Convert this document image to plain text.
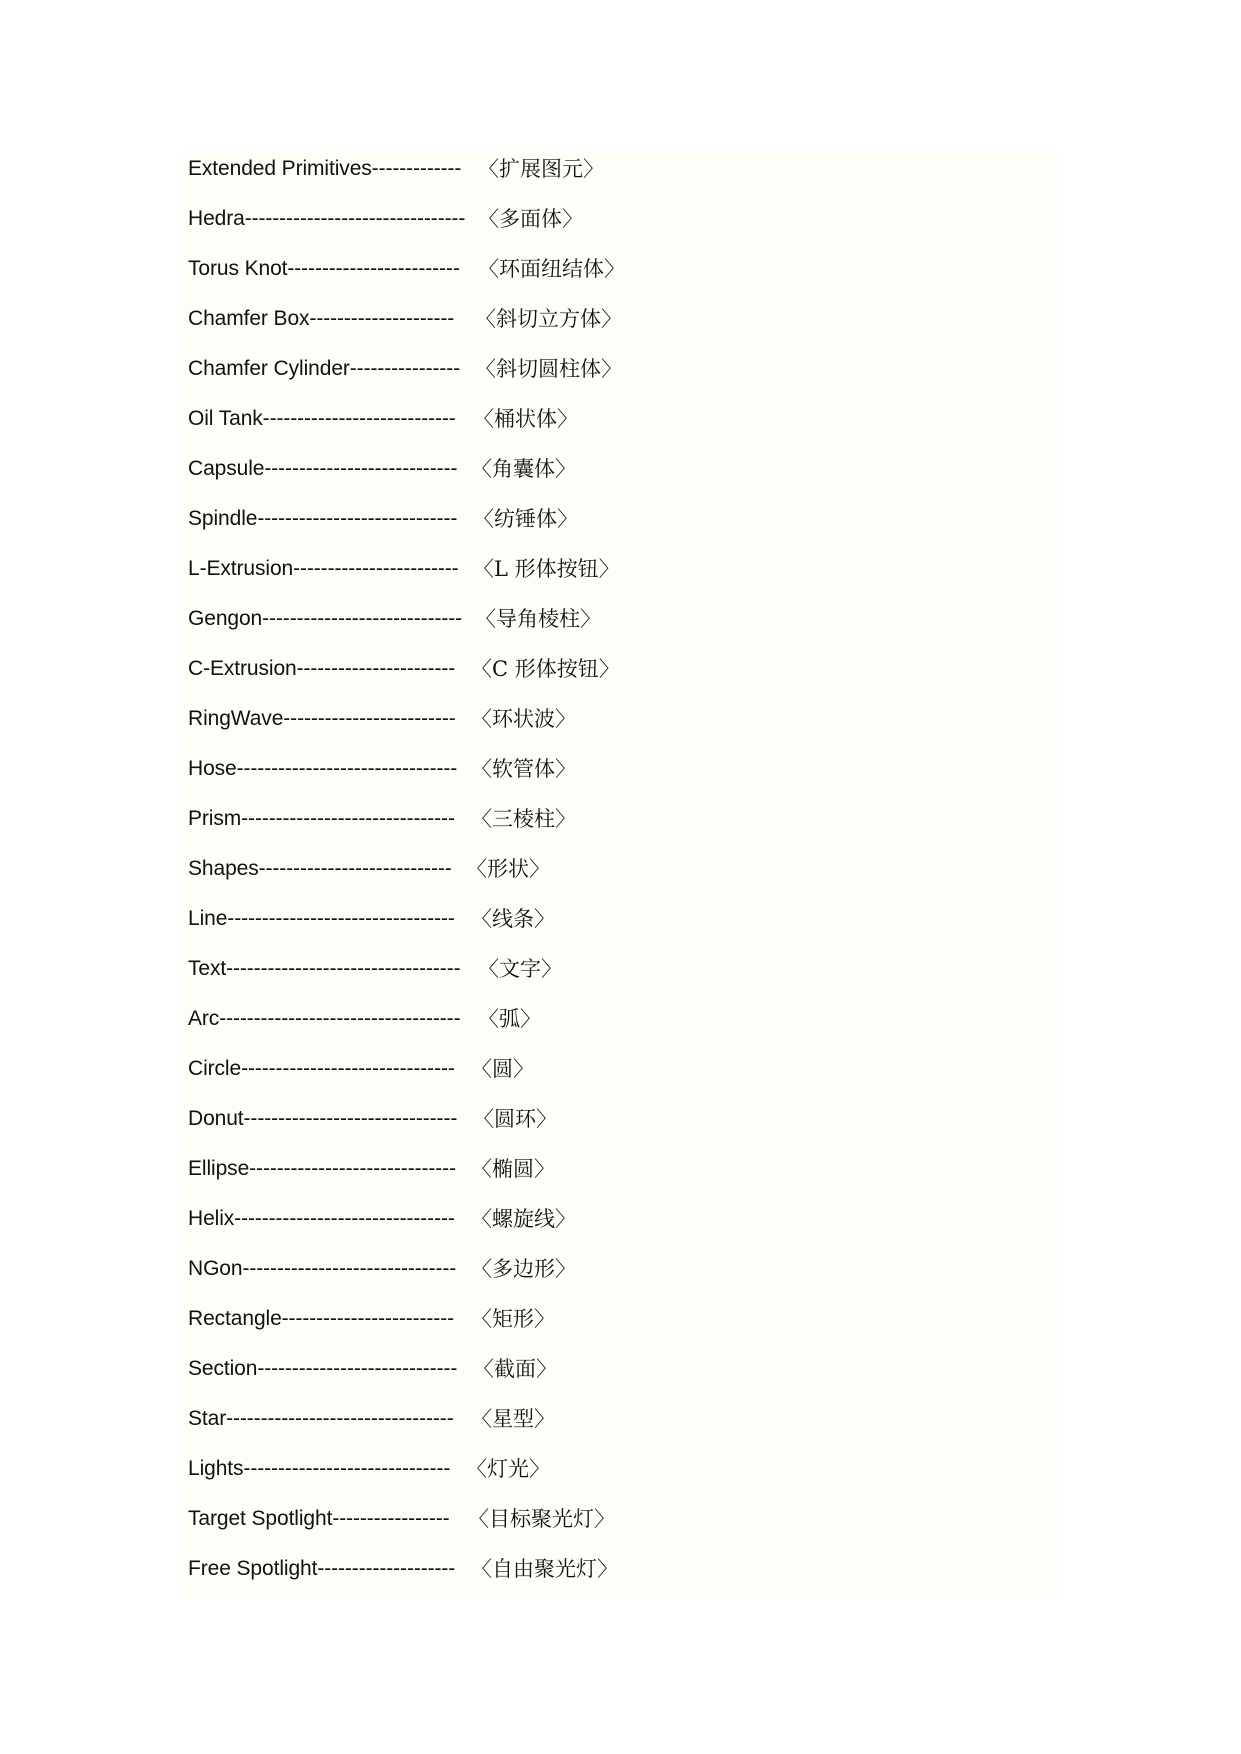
Extended Primitives------------- 〈扩展图元〉
Hedra-------------------------------- 〈多面体〉
Torus Knot------------------------- 〈环面纽结体〉
Chamfer Box--------------------- 〈斜切立方体〉
Chamfer Cylinder---------------- 〈斜切圆柱体〉
Oil Tank---------------------------- 〈桶状体〉
Capsule---------------------------- 〈角囊体〉
Spindle----------------------------- 〈纺锤体〉
L-Extrusion------------------------ 〈L 形体按钮〉
Gengon----------------------------- 〈导角棱柱〉
C-Extrusion----------------------- 〈C 形体按钮〉
RingWave------------------------- 〈环状波〉
Hose-------------------------------- 〈软管体〉
Prism------------------------------- 〈三棱柱〉
Shapes---------------------------- 〈形状〉
Line--------------------------------- 〈线条〉
Text---------------------------------- 〈文字〉
Arc----------------------------------- 〈弧〉
Circle------------------------------- 〈圆〉
Donut------------------------------- 〈圆环〉
Ellipse------------------------------ 〈椭圆〉
Helix-------------------------------- 〈螺旋线〉
NGon------------------------------- 〈多边形〉
Rectangle------------------------- 〈矩形〉
Section----------------------------- 〈截面〉
Star--------------------------------- 〈星型〉
Lights------------------------------ 〈灯光〉
Target Spotlight----------------- 〈目标聚光灯〉
Free Spotlight-------------------- 〈自由聚光灯〉
